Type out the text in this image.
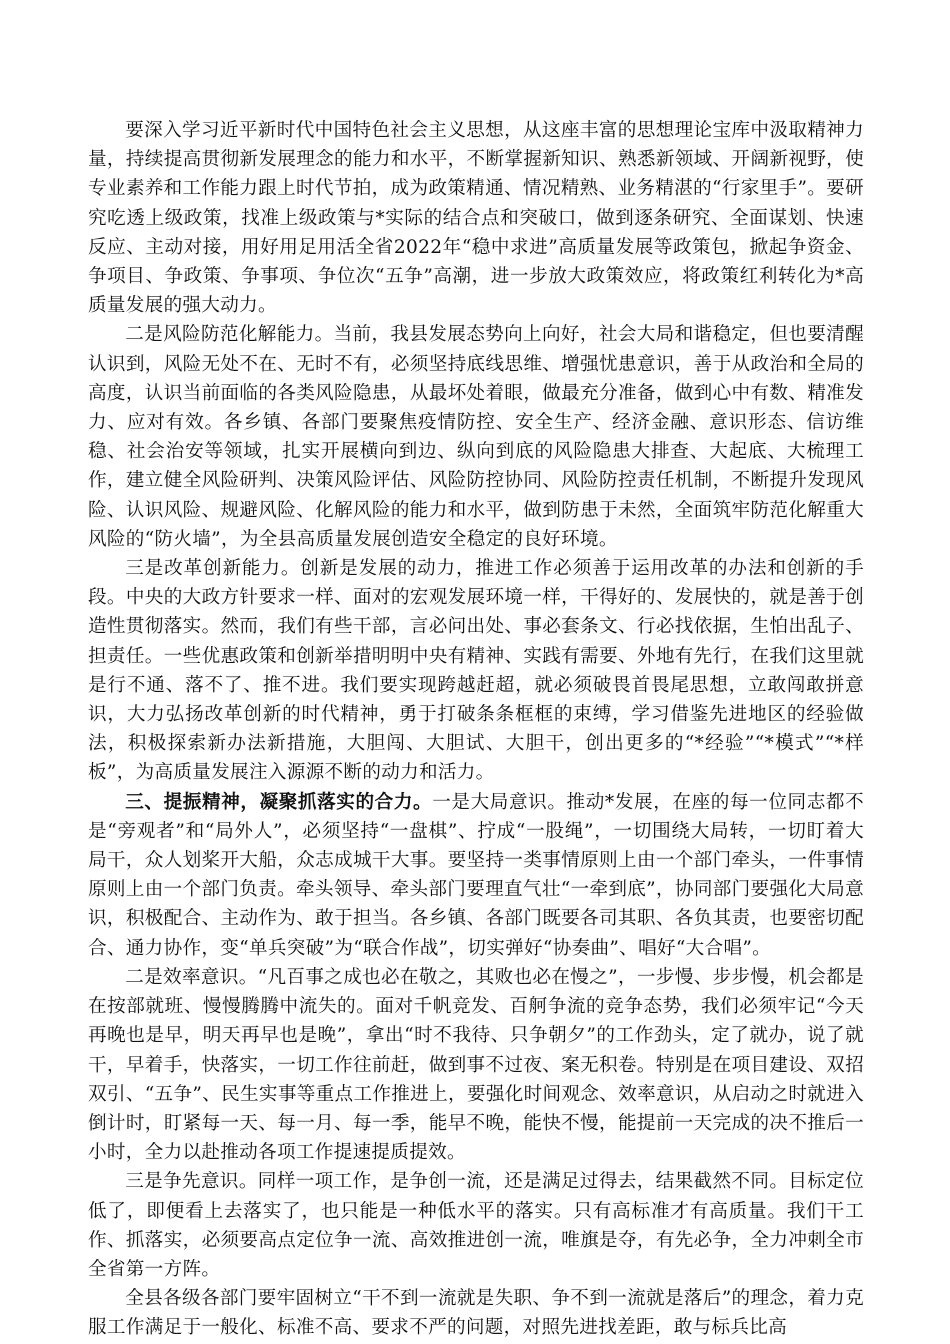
要深入学习近平新时代中国特色社会主义思想，从这座丰富的思想理论宝库中汲取精神力量，持续提高贯彻新发展理念的能力和水平，不断掌握新知识、熟悉新领域、开阔新视野，使专业素养和工作能力跟上时代节拍，成为政策精通、情况精熟、业务精湛的“行家里手”。要研究吃透上级政策，找准上级政策与*实际的结合点和突破口，做到逐条研究、全面谋划、快速反应、主动对接，用好用足用活全省2022年“稳中求进”高质量发展等政策包，掀起争资金、争项目、争政策、争事项、争位次“五争”高潮，进一步放大政策效应，将政策红利转化为*高质量发展的强大动力。

二是风险防范化解能力。当前，我县发展态势向上向好，社会大局和谐稳定，但也要清醒认识到，风险无处不在、无时不有，必须坚持底线思维、增强忧患意识，善于从政治和全局的高度，认识当前面临的各类风险隐患，从最坏处着眼，做最充分准备，做到心中有数、精准发力、应对有效。各乡镇、各部门要聚焦疫情防控、安全生产、经济金融、意识形态、信访维稳、社会治安等领域，扎实开展横向到边、纵向到底的风险隐患大排查、大起底、大梳理工作，建立健全风险研判、决策风险评估、风险防控协同、风险防控责任机制，不断提升发现风险、认识风险、规避风险、化解风险的能力和水平，做到防患于未然，全面筑牢防范化解重大风险的“防火墙”，为全县高质量发展创造安全稳定的良好环境。

三是改革创新能力。创新是发展的动力，推进工作必须善于运用改革的办法和创新的手段。中央的大政方针要求一样、面对的宏观发展环境一样，干得好的、发展快的，就是善于创造性贯彻落实。然而，我们有些干部，言必问出处、事必套条文、行必找依据，生怕出乱子、担责任。一些优惠政策和创新举措明明中央有精神、实践有需要、外地有先行，在我们这里就是行不通、落不了、推不进。我们要实现跨越赶超，就必须破畏首畏尾思想，立敢闯敢拼意识，大力弘扬改革创新的时代精神，勇于打破条条框框的束缚，学习借鉴先进地区的经验做法，积极探索新办法新措施，大胆闯、大胆试、大胆干，创出更多的“*经验”“*模式”“*样板”，为高质量发展注入源源不断的动力和活力。

三、提振精神，凝聚抓落实的合力。一是大局意识。推动*发展，在座的每一位同志都不是“旁观者”和“局外人”，必须坚持“一盘棋”、拧成“一股绳”，一切围绕大局转，一切盯着大局干，众人划桨开大船，众志成城干大事。要坚持一类事情原则上由一个部门牵头，一件事情原则上由一个部门负责。牵头领导、牵头部门要理直气壮“一牵到底”，协同部门要强化大局意识，积极配合、主动作为、敢于担当。各乡镇、各部门既要各司其职、各负其责，也要密切配合、通力协作，变“单兵突破”为“联合作战”，切实弹好“协奏曲”、唱好“大合唱”。

二是效率意识。“凡百事之成也必在敬之，其败也必在慢之”，一步慢、步步慢，机会都是在按部就班、慢慢腾腾中流失的。面对千帆竞发、百舸争流的竞争态势，我们必须牢记“今天再晚也是早，明天再早也是晚”，拿出“时不我待、只争朝夕”的工作劲头，定了就办，说了就干，早着手，快落实，一切工作往前赶，做到事不过夜、案无积卷。特别是在项目建设、双招双引、“五争”、民生实事等重点工作推进上，要强化时间观念、效率意识，从启动之时就进入倒计时，盯紧每一天、每一月、每一季，能早不晚，能快不慢，能提前一天完成的决不推后一小时，全力以赴推动各项工作提速提质提效。

三是争先意识。同样一项工作，是争创一流，还是满足过得去，结果截然不同。目标定位低了，即便看上去落实了，也只能是一种低水平的落实。只有高标准才有高质量。我们干工作、抓落实，必须要高点定位争一流、高效推进创一流，唯旗是夺，有先必争，全力冲刺全市全省第一方阵。

全县各级各部门要牢固树立“干不到一流就是失职、争不到一流就是落后”的理念，着力克服工作满足于一般化、标准不高、要求不严的问题，对照先进找差距，敢与标兵比高
